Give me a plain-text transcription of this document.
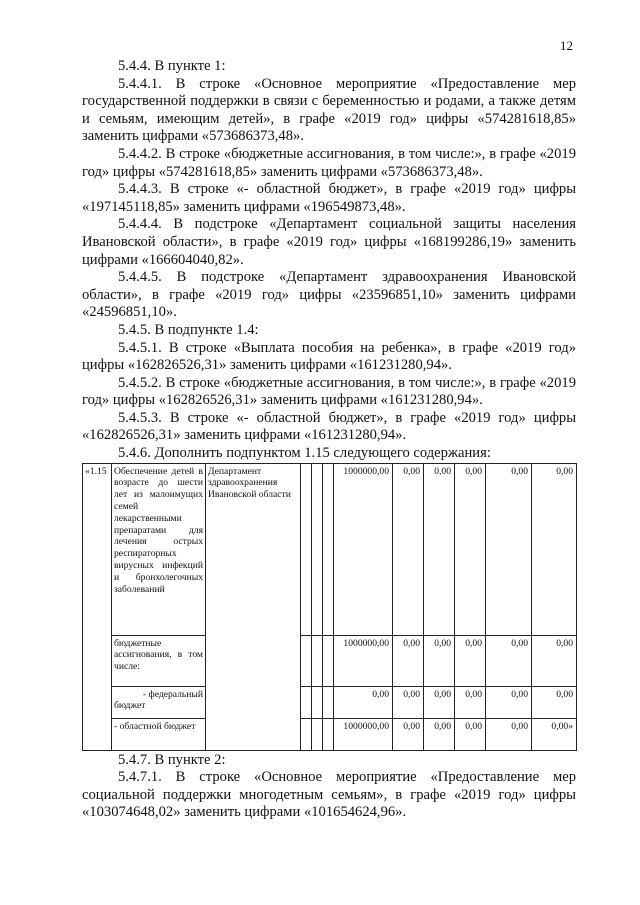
12

5.4.4. В пункте 1:

5.4.4.1. В строке «Основное мероприятие «Предоставление мер государственной поддержки в связи с беременностью и родами, а также детям и семьям, имеющим детей», в графе «2019 год» цифры «574281618,85» заменить цифрами «573686373,48».

5.4.4.2. В строке «бюджетные ассигнования, в том числе:», в графе «2019 год» цифры «574281618,85» заменить цифрами «573686373,48».

5.4.4.3. В строке «- областной бюджет», в графе «2019 год» цифры «197145118,85» заменить цифрами «196549873,48».

5.4.4.4. В подстроке «Департамент социальной защиты населения Ивановской области», в графе «2019 год» цифры «168199286,19» заменить цифрами «166604040,82».

5.4.4.5. В подстроке «Департамент здравоохранения Ивановской области», в графе «2019 год» цифры «23596851,10» заменить цифрами «24596851,10».

5.4.5. В подпункте 1.4:

5.4.5.1. В строке «Выплата пособия на ребенка», в графе «2019 год» цифры «162826526,31» заменить цифрами «161231280,94».

5.4.5.2. В строке «бюджетные ассигнования, в том числе:», в графе «2019 год» цифры «162826526,31» заменить цифрами «161231280,94».

5.4.5.3. В строке «- областной бюджет», в графе «2019 год» цифры «162826526,31» заменить цифрами «161231280,94».

5.4.6. Дополнить подпунктом 1.15 следующего содержания:

«1.15	Обеспечение детей в возрасте до шести лет из малоимущих семей лекарственными препаратами для лечения острых респираторных вирусных инфекций и бронхолегочных заболеваний	Департамент здравоохранения Ивановской области				1000000,00	0,00	0,00	0,00	0,00	0,00
	бюджетные ассигнования, в том числе:					1000000,00	0,00	0,00	0,00	0,00	0,00
	- федеральный бюджет					0,00	0,00	0,00	0,00	0,00	0,00
	- областной бюджет					1000000,00	0,00	0,00	0,00	0,00	0,00»

5.4.7. В пункте 2:

5.4.7.1. В строке «Основное мероприятие «Предоставление мер социальной поддержки многодетным семьям», в графе «2019 год» цифры «103074648,02» заменить цифрами «101654624,96».
